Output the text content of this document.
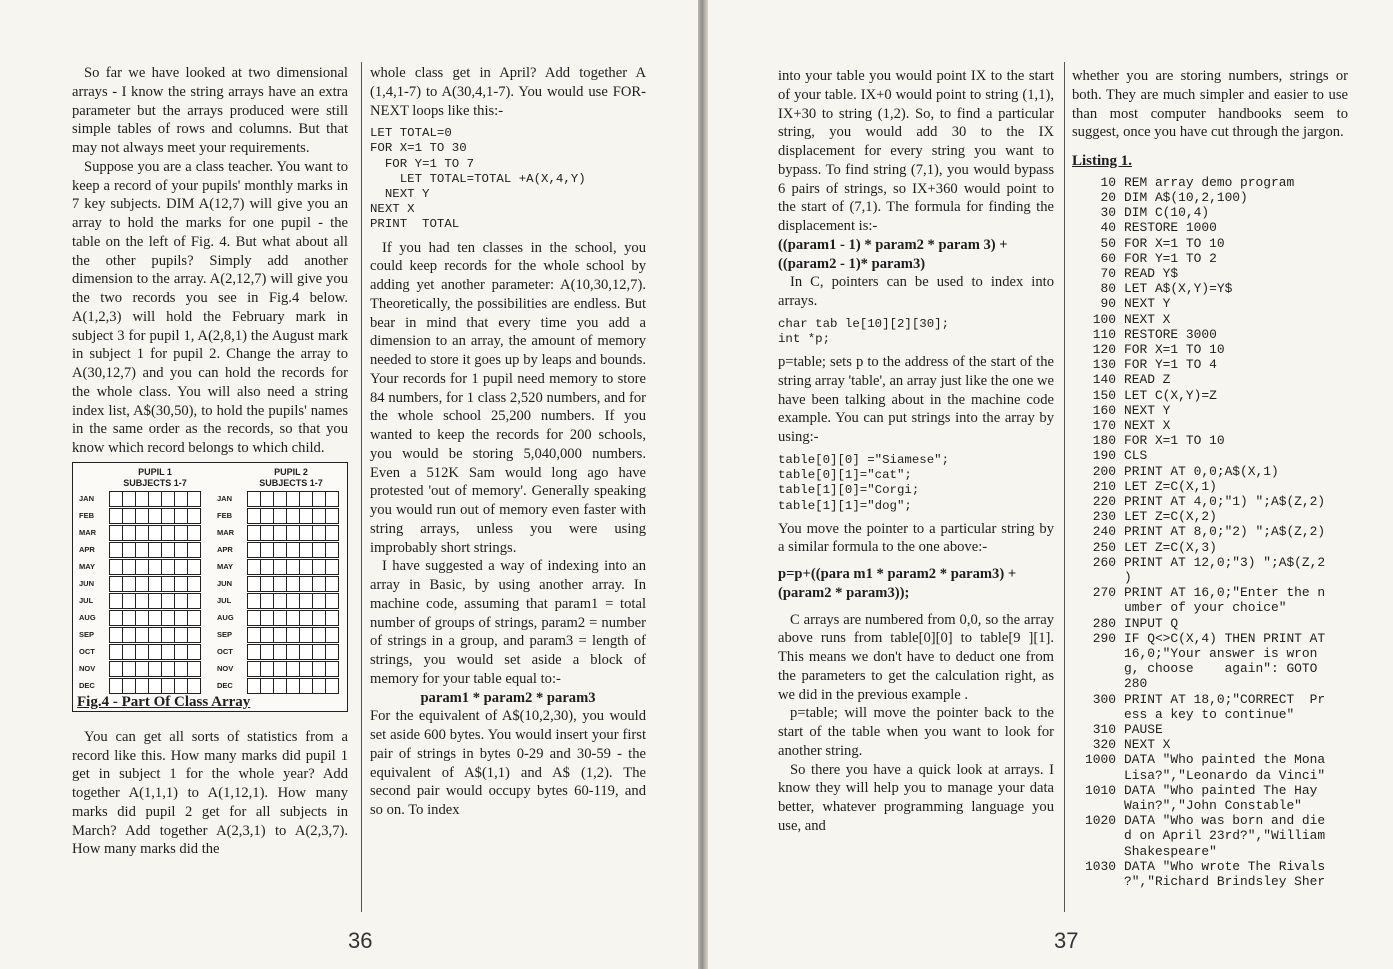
So far we have looked at two dimensional arrays - I know the string arrays have an extra parameter but the arrays produced were still simple tables of rows and columns. But that may not always meet your requirements.

Suppose you are a class teacher. You want to keep a record of your pupils' monthly marks in 7 key subjects. DIM A(12,7) will give you an array to hold the marks for one pupil - the table on the left of Fig. 4. But what about all the other pupils? Simply add another dimension to the array. A(2,12,7) will give you the two records you see in Fig.4 below. A(1,2,3) will hold the February mark in subject 3 for pupil 1, A(2,8,1) the August mark in subject 1 for pupil 2. Change the array to A(30,12,7) and you can hold the records for the whole class. You will also need a string index list, A$(30,50), to hold the pupils' names in the same order as the records, so that you know which record belongs to which child.

PUPIL 1
SUBJECTS 1-7
PUPIL 2
SUBJECTS 1-7
JAN
FEB
MAR
APR
MAY
JUN
JUL
AUG
SEP
OCT
NOV
DEC
JAN
FEB
MAR
APR
MAY
JUN
JUL
AUG
SEP
OCT
NOV
DEC
Fig.4 - Part Of Class Array

You can get all sorts of statistics from a record like this. How many marks did pupil 1 get in subject 1 for the whole year? Add together A(1,1,1) to A(1,12,1). How many marks did pupil 2 get for all subjects in March? Add together A(2,3,1) to A(2,3,7). How many marks did the

whole class get in April? Add together A (1,4,1-7) to A(30,4,1-7). You would use FOR-NEXT loops like this:-

LET TOTAL=0
FOR X=1 TO 30
FOR Y=1 TO 7
LET TOTAL=TOTAL +A(X,4,Y)
NEXT Y
NEXT X
PRINT  TOTAL

If you had ten classes in the school, you could keep records for the whole school by adding yet another parameter: A(10,30,12,7). Theoretically, the possibilities are endless. But bear in mind that every time you add a dimension to an array, the amount of memory needed to store it goes up by leaps and bounds. Your records for 1 pupil need memory to store 84 numbers, for 1 class 2,520 numbers, and for the whole school 25,200 numbers. If you wanted to keep the records for 200 schools, you would be storing 5,040,000 numbers. Even a 512K Sam would long ago have protested 'out of memory'. Generally speaking you would run out of memory even faster with string arrays, unless you were using improbably short strings.

I have suggested a way of indexing into an array in Basic, by using another array. In machine code, assuming that param1 = total number of groups of strings, param2 = number of strings in a group, and param3 = length of strings, you would set aside a block of memory for your table equal to:-

param1 * param2 * param3

For the equivalent of A$(10,2,30), you would set aside 600 bytes. You would insert your first pair of strings in bytes 0-29 and 30-59 - the equivalent of A$(1,1) and A$ (1,2). The second pair would occupy bytes 60-119, and so on. To index

36

into your table you would point IX to the start of your table. IX+0 would point to string (1,1), IX+30 to string (1,2). So, to find a particular string, you would add 30 to the IX displacement for every string you want to bypass. To find string (7,1), you would bypass 6 pairs of strings, so IX+360 would point to the start of (7,1). The formula for finding the displacement is:-

((param1 - 1) * param2 * param 3) + ((param2 - 1)* param3)

In C, pointers can be used to index into arrays.

char tab le[10][2][30];
int *p;

p=table; sets p to the address of the start of the string array 'table', an array just like the one we have been talking about in the machine code example. You can put strings into the array by using:-

table[0][0] ="Siamese";
table[0][1]="cat";
table[1][0]="Corgi;
table[1][1]="dog";

You move the pointer to a particular string by a similar formula to the one above:-

p=p+((para m1 * param2 * param3) + (param2 * param3));

C arrays are numbered from 0,0, so the array above runs from table[0][0] to table[9 ][1]. This means we don't have to deduct one from the parameters to get the calculation right, as we did in the previous example .

p=table; will move the pointer back to the start of the table when you want to look for another string.

So there you have a quick look at arrays. I know they will help you to manage your data better, whatever programming language you use, and

whether you are storing numbers, strings or both. They are much simpler and easier to use than most computer handbooks seem to suggest, once you have cut through the jargon.

Listing 1.

10 REM array demo program
20 DIM A$(10,2,100)
30 DIM C(10,4)
40 RESTORE 1000
50 FOR X=1 TO 10
60 FOR Y=1 TO 2
70 READ Y$
80 LET A$(X,Y)=Y$
90 NEXT Y
100 NEXT X
110 RESTORE 3000
120 FOR X=1 TO 10
130 FOR Y=1 TO 4
140 READ Z
150 LET C(X,Y)=Z
160 NEXT Y
170 NEXT X
180 FOR X=1 TO 10
190 CLS
200 PRINT AT 0,0;A$(X,1)
210 LET Z=C(X,1)
220 PRINT AT 4,0;"1) ";A$(Z,2)
230 LET Z=C(X,2)
240 PRINT AT 8,0;"2) ";A$(Z,2)
250 LET Z=C(X,3)
260 PRINT AT 12,0;"3) ";A$(Z,2
)
270 PRINT AT 16,0;"Enter the n
umber of your choice"
280 INPUT Q
290 IF Q<>C(X,4) THEN PRINT AT
16,0;"Your answer is wron
g, choose    again": GOTO
280
300 PRINT AT 18,0;"CORRECT  Pr
ess a key to continue"
310 PAUSE
320 NEXT X
1000 DATA "Who painted the Mona
Lisa?","Leonardo da Vinci"
1010 DATA "Who painted The Hay
Wain?","John Constable"
1020 DATA "Who was born and die
d on April 23rd?","William
Shakespeare"
1030 DATA "Who wrote The Rivals
?","Richard Brindsley Sher
37
